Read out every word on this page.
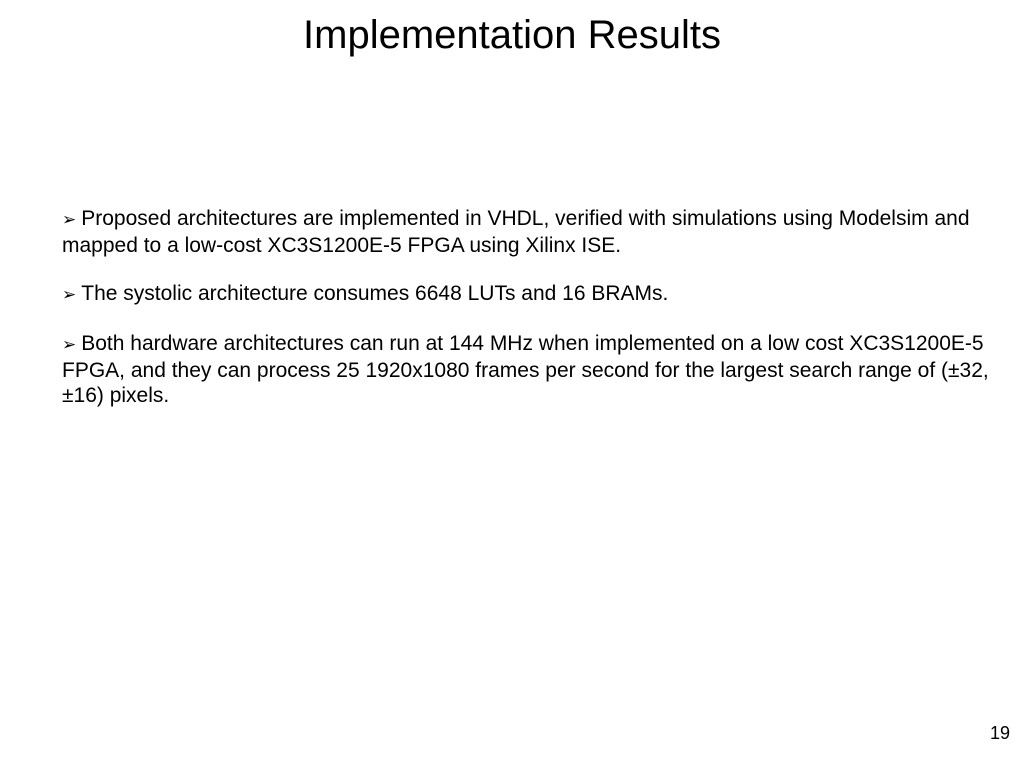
Implementation Results
➢ Proposed architectures are implemented in VHDL, verified with simulations using Modelsim and mapped to a low-cost XC3S1200E-5 FPGA using Xilinx ISE.
➢ The systolic architecture consumes 6648 LUTs and 16 BRAMs.
➢ Both hardware architectures can run at 144 MHz when implemented on a low cost XC3S1200E-5 FPGA, and they can process 25 1920x1080 frames per second for the largest search range of (±32,±16) pixels.
19
